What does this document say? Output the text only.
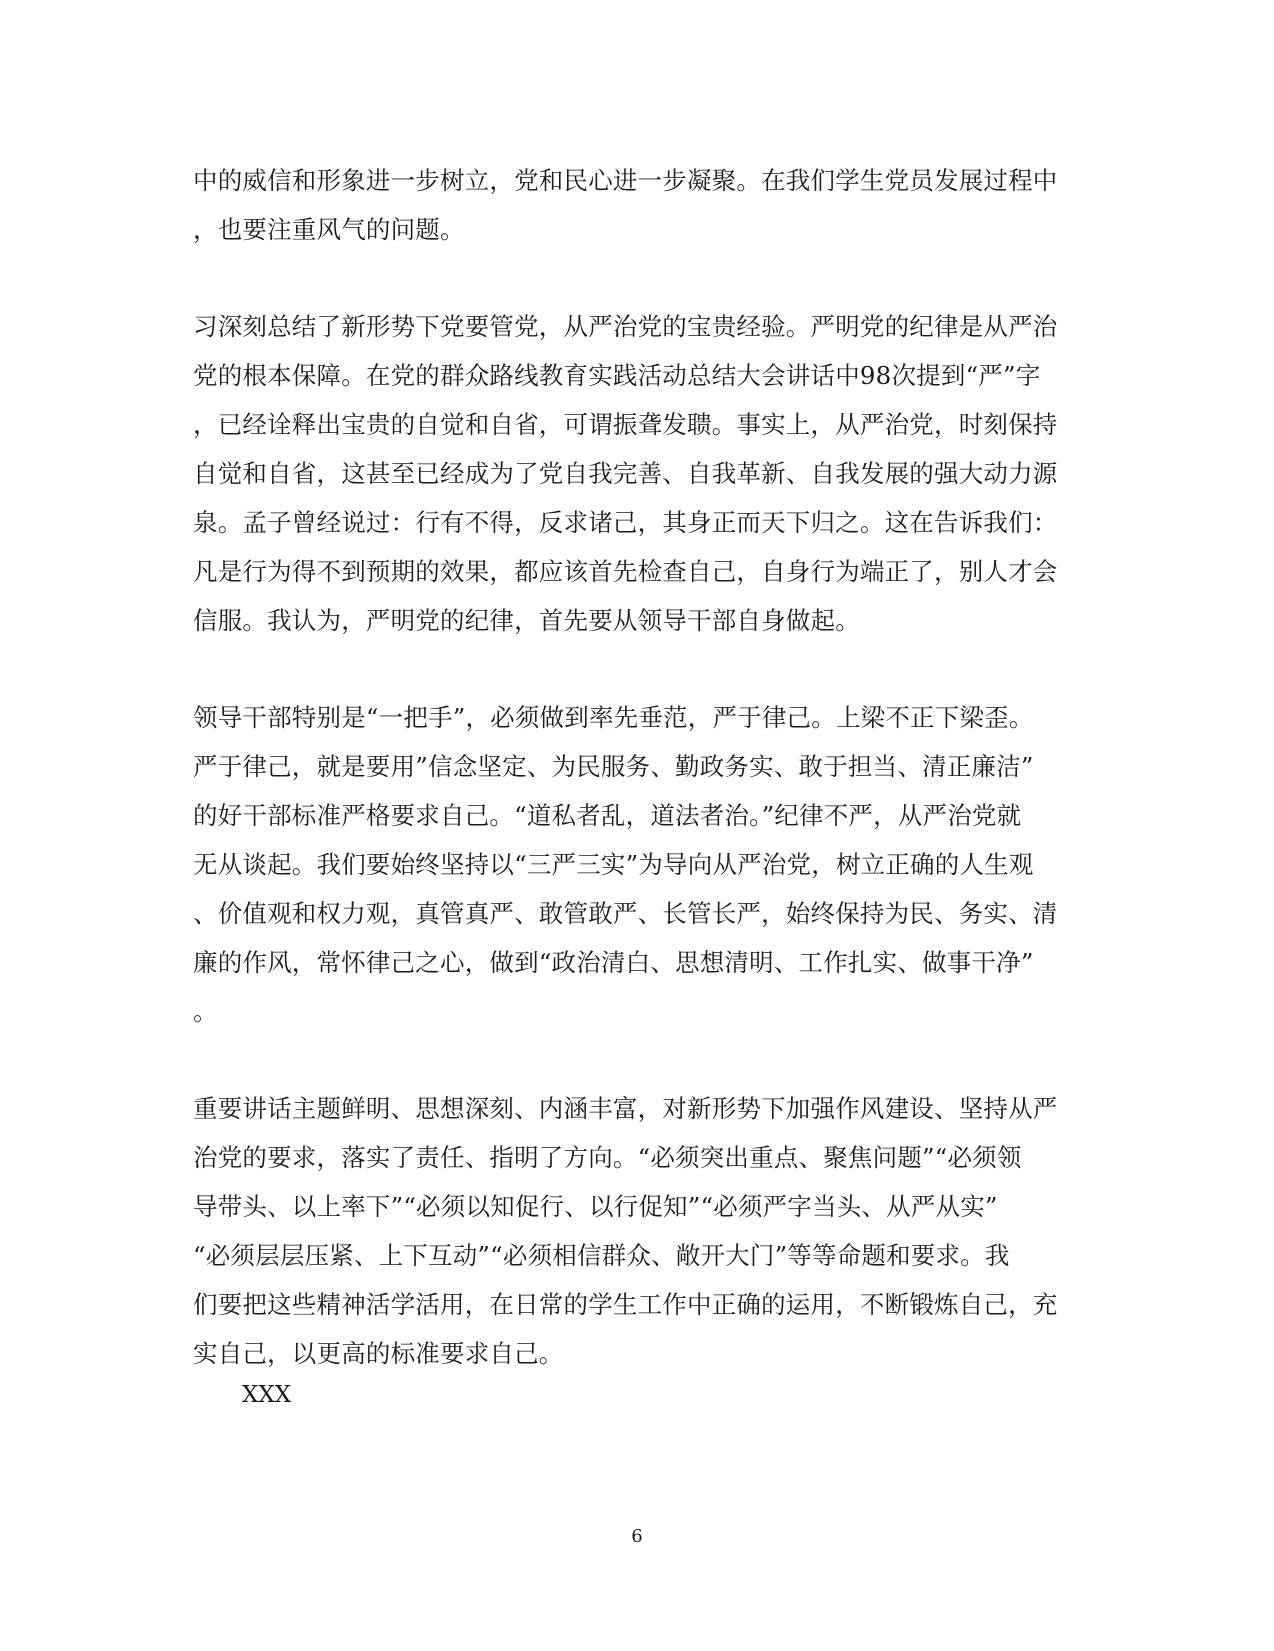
中的威信和形象进一步树立，党和民心进一步凝聚。在我们学生党员发展过程中
，也要注重风气的问题。

习深刻总结了新形势下党要管党，从严治党的宝贵经验。严明党的纪律是从严治
党的根本保障。在党的群众路线教育实践活动总结大会讲话中98次提到“严”字
，已经诠释出宝贵的自觉和自省，可谓振聋发聩。事实上，从严治党，时刻保持
自觉和自省，这甚至已经成为了党自我完善、自我革新、自我发展的强大动力源
泉。孟子曾经说过：行有不得，反求诸己，其身正而天下归之。这在告诉我们：
凡是行为得不到预期的效果，都应该首先检查自己，自身行为端正了，别人才会
信服。我认为，严明党的纪律，首先要从领导干部自身做起。

领导干部特别是“一把手”，必须做到率先垂范，严于律己。上梁不正下梁歪。
严于律己，就是要用”信念坚定、为民服务、勤政务实、敢于担当、清正廉洁”
的好干部标准严格要求自己。“道私者乱，道法者治。”纪律不严，从严治党就
无从谈起。我们要始终坚持以“三严三实”为导向从严治党，树立正确的人生观
、价值观和权力观，真管真严、敢管敢严、长管长严，始终保持为民、务实、清
廉的作风，常怀律己之心，做到“政治清白、思想清明、工作扎实、做事干净”
。

重要讲话主题鲜明、思想深刻、内涵丰富，对新形势下加强作风建设、坚持从严
治党的要求，落实了责任、指明了方向。“必须突出重点、聚焦问题”“必须领
导带头、以上率下”“必须以知促行、以行促知”“必须严字当头、从严从实”
“必须层层压紧、上下互动”“必须相信群众、敞开大门”等等命题和要求。我
们要把这些精神活学活用，在日常的学生工作中正确的运用，不断锻炼自己，充
实自己，以更高的标准要求自己。

XXX
6
